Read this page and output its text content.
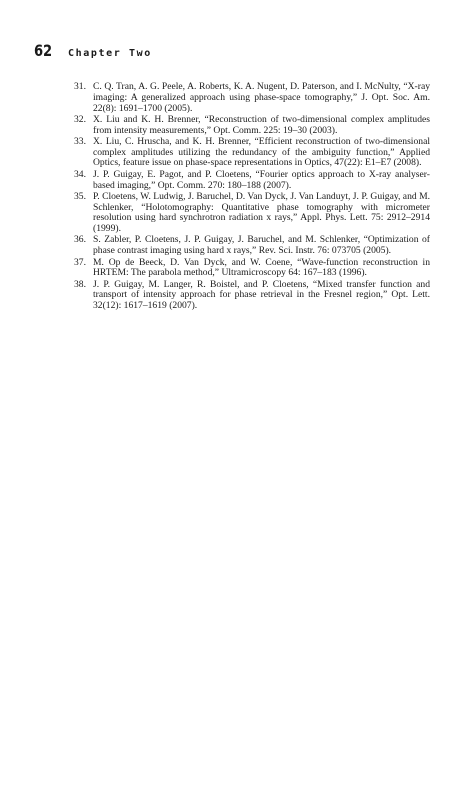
62 Chapter Two
31. C. Q. Tran, A. G. Peele, A. Roberts, K. A. Nugent, D. Paterson, and I. McNulty, “X-ray imaging: A generalized approach using phase-space tomography,” J. Opt. Soc. Am. 22(8): 1691–1700 (2005).
32. X. Liu and K. H. Brenner, “Reconstruction of two-dimensional complex amplitudes from intensity measurements,” Opt. Comm. 225: 19–30 (2003).
33. X. Liu, C. Hruscha, and K. H. Brenner, “Efficient reconstruction of two-dimensional complex amplitudes utilizing the redundancy of the ambiguity function,” Applied Optics, feature issue on phase-space representations in Optics, 47(22): E1–E7 (2008).
34. J. P. Guigay, E. Pagot, and P. Cloetens, “Fourier optics approach to X-ray analyser-based imaging,” Opt. Comm. 270: 180–188 (2007).
35. P. Cloetens, W. Ludwig, J. Baruchel, D. Van Dyck, J. Van Landuyt, J. P. Guigay, and M. Schlenker, “Holotomography: Quantitative phase tomography with micrometer resolution using hard synchrotron radiation x rays,” Appl. Phys. Lett. 75: 2912–2914 (1999).
36. S. Zabler, P. Cloetens, J. P. Guigay, J. Baruchel, and M. Schlenker, “Optimization of phase contrast imaging using hard x rays,” Rev. Sci. Instr. 76: 073705 (2005).
37. M. Op de Beeck, D. Van Dyck, and W. Coene, “Wave-function reconstruction in HRTEM: The parabola method,” Ultramicroscopy 64: 167–183 (1996).
38. J. P. Guigay, M. Langer, R. Boistel, and P. Cloetens, “Mixed transfer function and transport of intensity approach for phase retrieval in the Fresnel region,” Opt. Lett. 32(12): 1617–1619 (2007).
